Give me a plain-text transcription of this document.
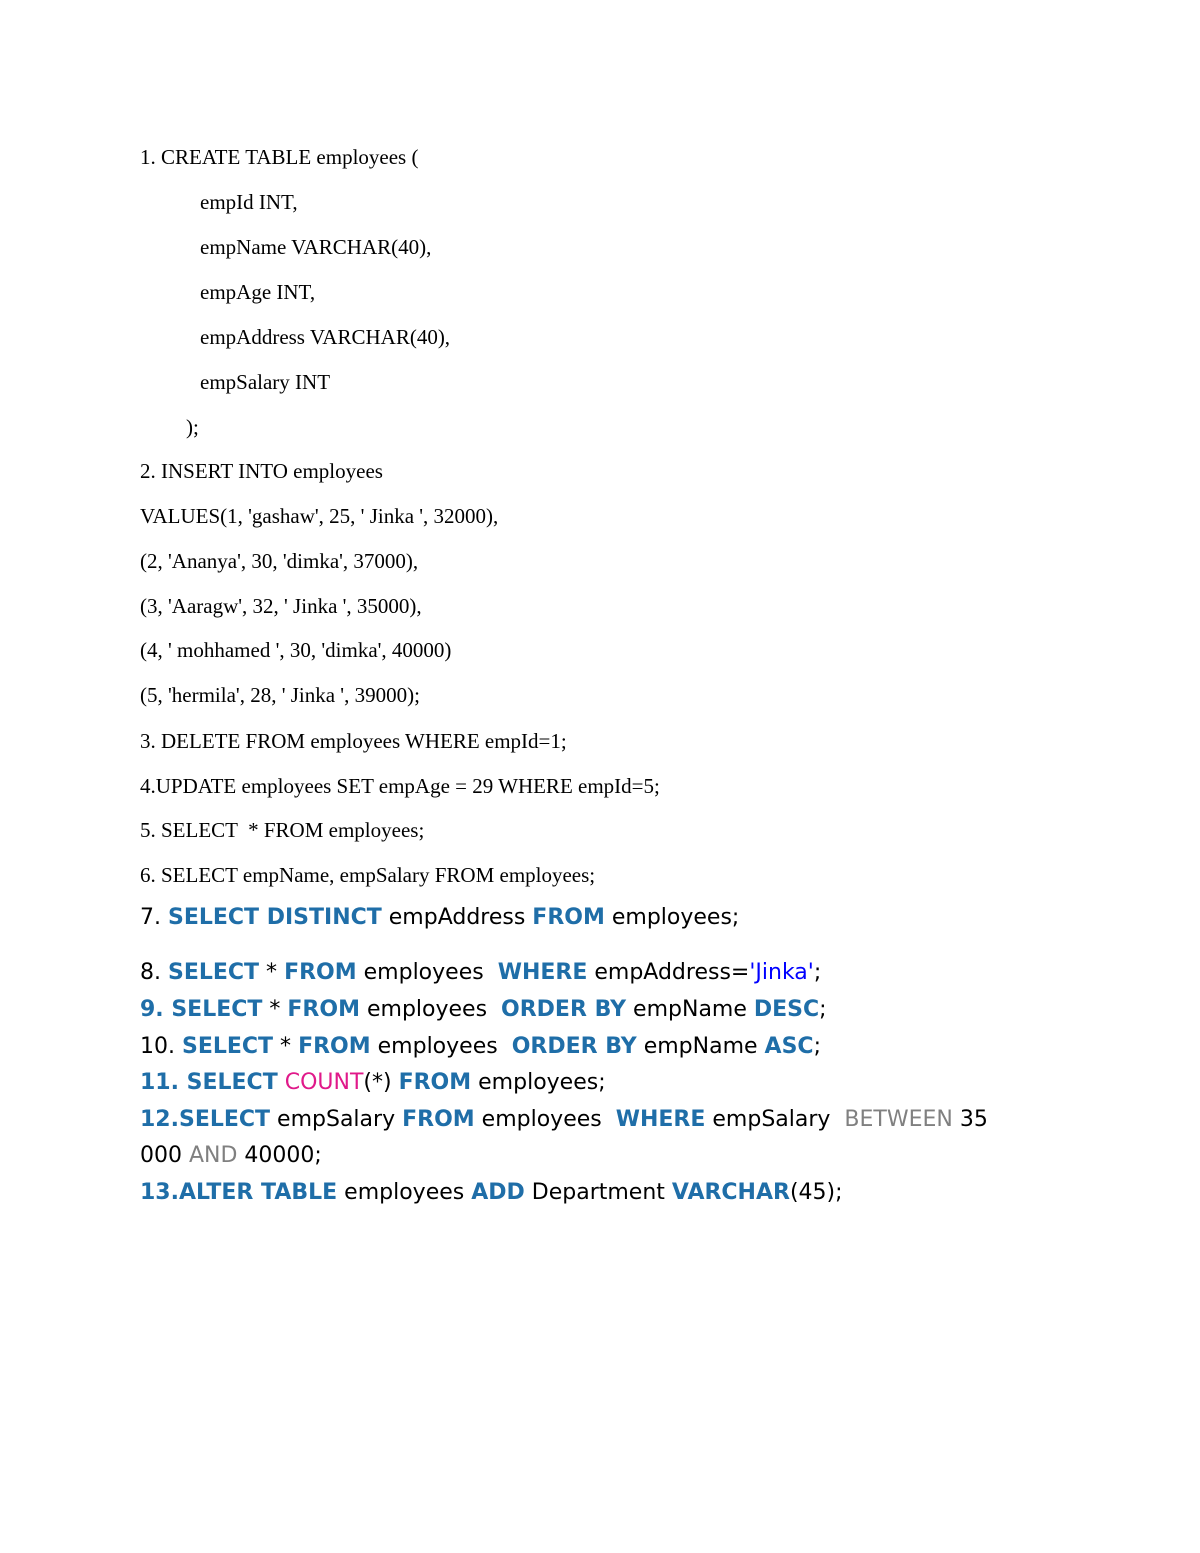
1. CREATE TABLE employees (
empId INT,
empName VARCHAR(40),
empAge INT,
empAddress VARCHAR(40),
empSalary INT
);
2. INSERT INTO employees
VALUES(1, 'gashaw', 25, ' Jinka ', 32000),
(2, 'Ananya', 30, 'dimka', 37000),
(3, 'Aaragw', 32, ' Jinka ', 35000),
(4, ' mohhamed ', 30, 'dimka', 40000)
(5, 'hermila', 28, ' Jinka ', 39000);
3. DELETE FROM employees WHERE empId=1;
4.UPDATE employees SET empAge = 29 WHERE empId=5;
5. SELECT  * FROM employees;
6. SELECT empName, empSalary FROM employees;
7. SELECT DISTINCT empAddress FROM employees;
8. SELECT * FROM employees  WHERE empAddress='Jinka';
9. SELECT * FROM employees  ORDER BY empName DESC;
10. SELECT * FROM employees  ORDER BY empName ASC;
11. SELECT COUNT(*) FROM employees;
12.SELECT empSalary FROM employees  WHERE empSalary  BETWEEN 35
000 AND 40000;
13.ALTER TABLE employees ADD Department VARCHAR(45);
